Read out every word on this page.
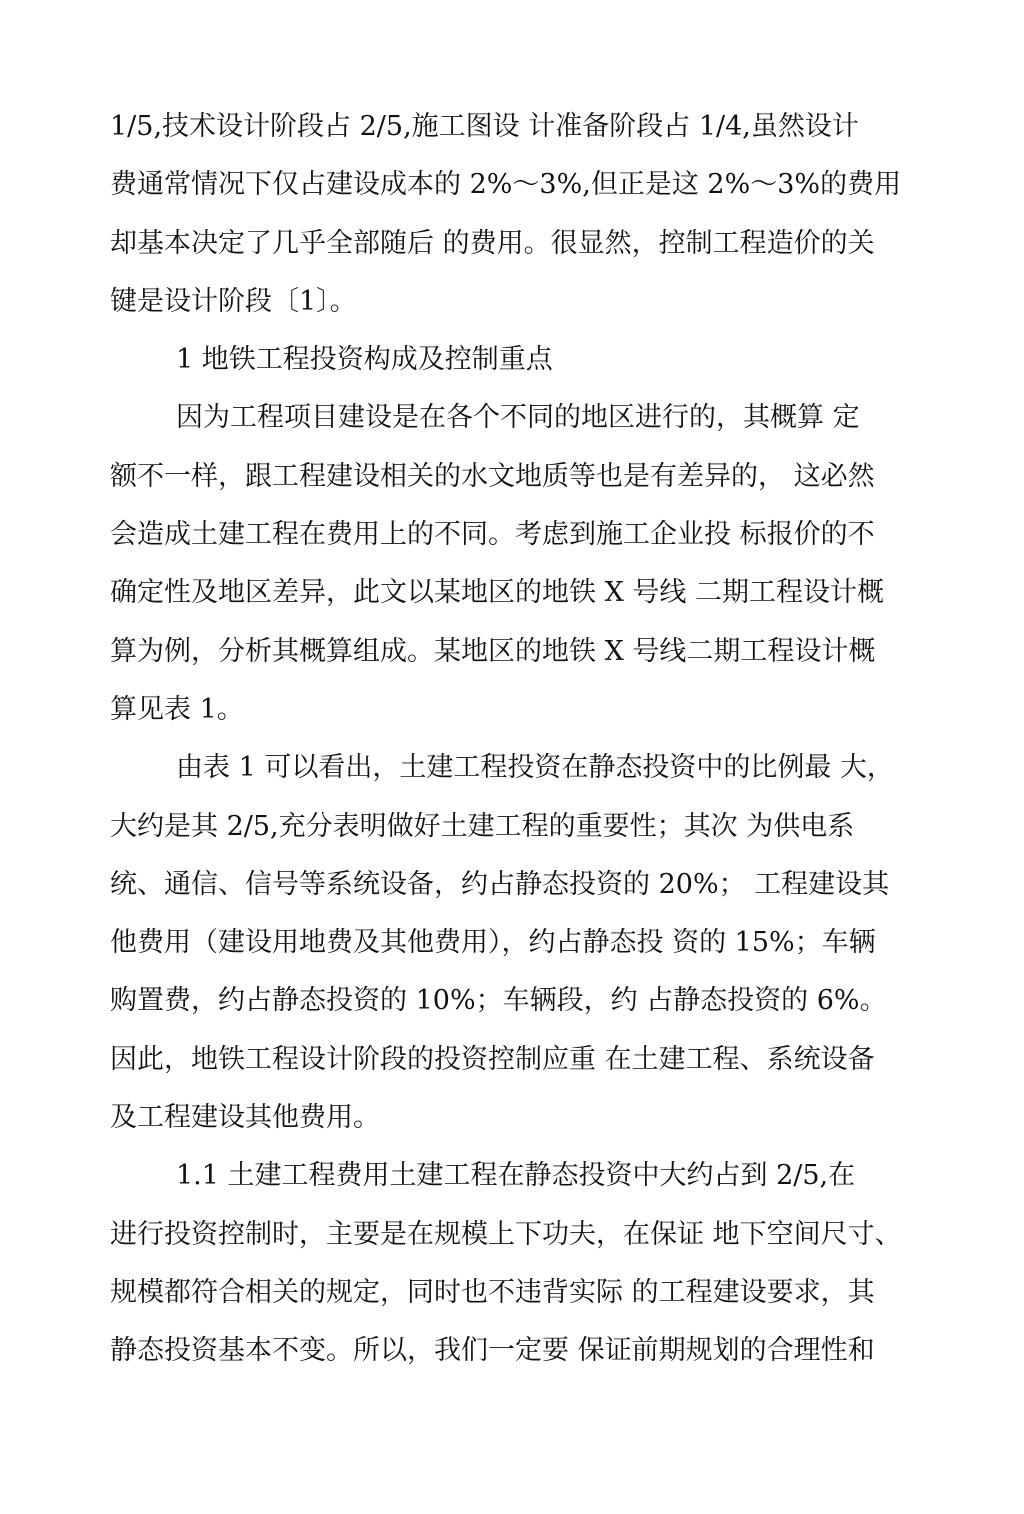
1/5,技术设计阶段占 2/5,施工图设 计准备阶段占 1/4,虽然设计
费通常情况下仅占建设成本的 2%～3%,但正是这 2%～3%的费用
却基本决定了几乎全部随后 的费用。很显然，控制工程造价的关
键是设计阶段〔1〕。
1 地铁工程投资构成及控制重点
因为工程项目建设是在各个不同的地区进行的，其概算 定
额不一样，跟工程建设相关的水文地质等也是有差异的， 这必然
会造成土建工程在费用上的不同。考虑到施工企业投 标报价的不
确定性及地区差异，此文以某地区的地铁 X 号线 二期工程设计概
算为例，分析其概算组成。某地区的地铁 X 号线二期工程设计概
算见表 1。
由表 1 可以看出，土建工程投资在静态投资中的比例最 大，
大约是其 2/5,充分表明做好土建工程的重要性；其次 为供电系
统、通信、信号等系统设备，约占静态投资的 20%； 工程建设其
他费用（建设用地费及其他费用），约占静态投 资的 15%；车辆
购置费，约占静态投资的 10%；车辆段，约 占静态投资的 6%。
因此，地铁工程设计阶段的投资控制应重 在土建工程、系统设备
及工程建设其他费用。
1.1 土建工程费用土建工程在静态投资中大约占到 2/5,在
进行投资控制时，主要是在规模上下功夫，在保证 地下空间尺寸、
规模都符合相关的规定，同时也不违背实际 的工程建设要求，其
静态投资基本不变。所以，我们一定要 保证前期规划的合理性和
